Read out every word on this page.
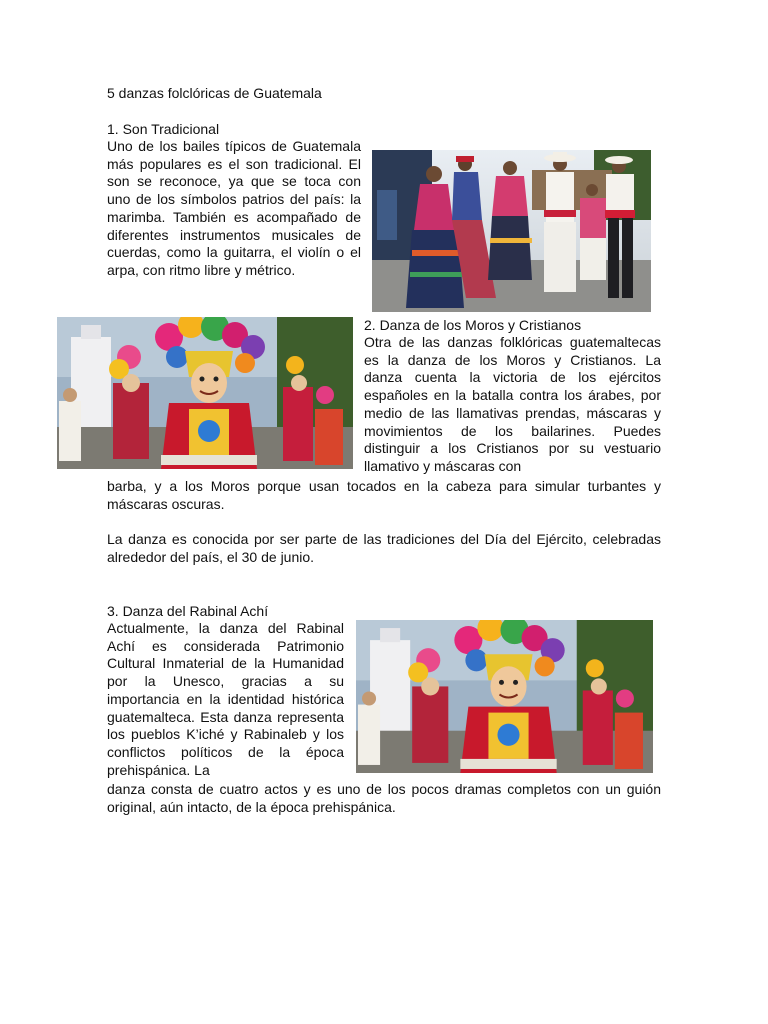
5 danzas folclóricas de Guatemala
1. Son Tradicional
Uno de los bailes típicos de Guatemala más populares es el son tradicional. El son se reconoce, ya que se toca con uno de los símbolos patrios del país: la marimba. También es acompañado de diferentes instrumentos musicales de cuerdas, como la guitarra, el violín o el arpa, con ritmo libre y métrico.
2. Danza de los Moros y Cristianos
Otra de las danzas folklóricas guatemaltecas es la danza de los Moros y Cristianos. La danza cuenta la victoria de los ejércitos españoles en la batalla contra los árabes, por medio de las llamativas prendas, máscaras y movimientos de los bailarines. Puedes distinguir a los Cristianos por su vestuario llamativo y máscaras con
barba, y a los Moros porque usan tocados en la cabeza para simular turbantes y máscaras oscuras.
La danza es conocida por ser parte de las tradiciones del Día del Ejército, celebradas alrededor del país, el 30 de junio.
3. Danza del Rabinal Achí
Actualmente, la danza del Rabinal Achí es considerada Patrimonio Cultural Inmaterial de la Humanidad por la Unesco, gracias a su importancia en la identidad histórica guatemalteca. Esta danza representa los pueblos K’iché y Rabinaleb y los conflictos políticos de la época prehispánica. La
danza consta de cuatro actos y es uno de los pocos dramas completos con un guión original, aún intacto, de la época prehispánica.
